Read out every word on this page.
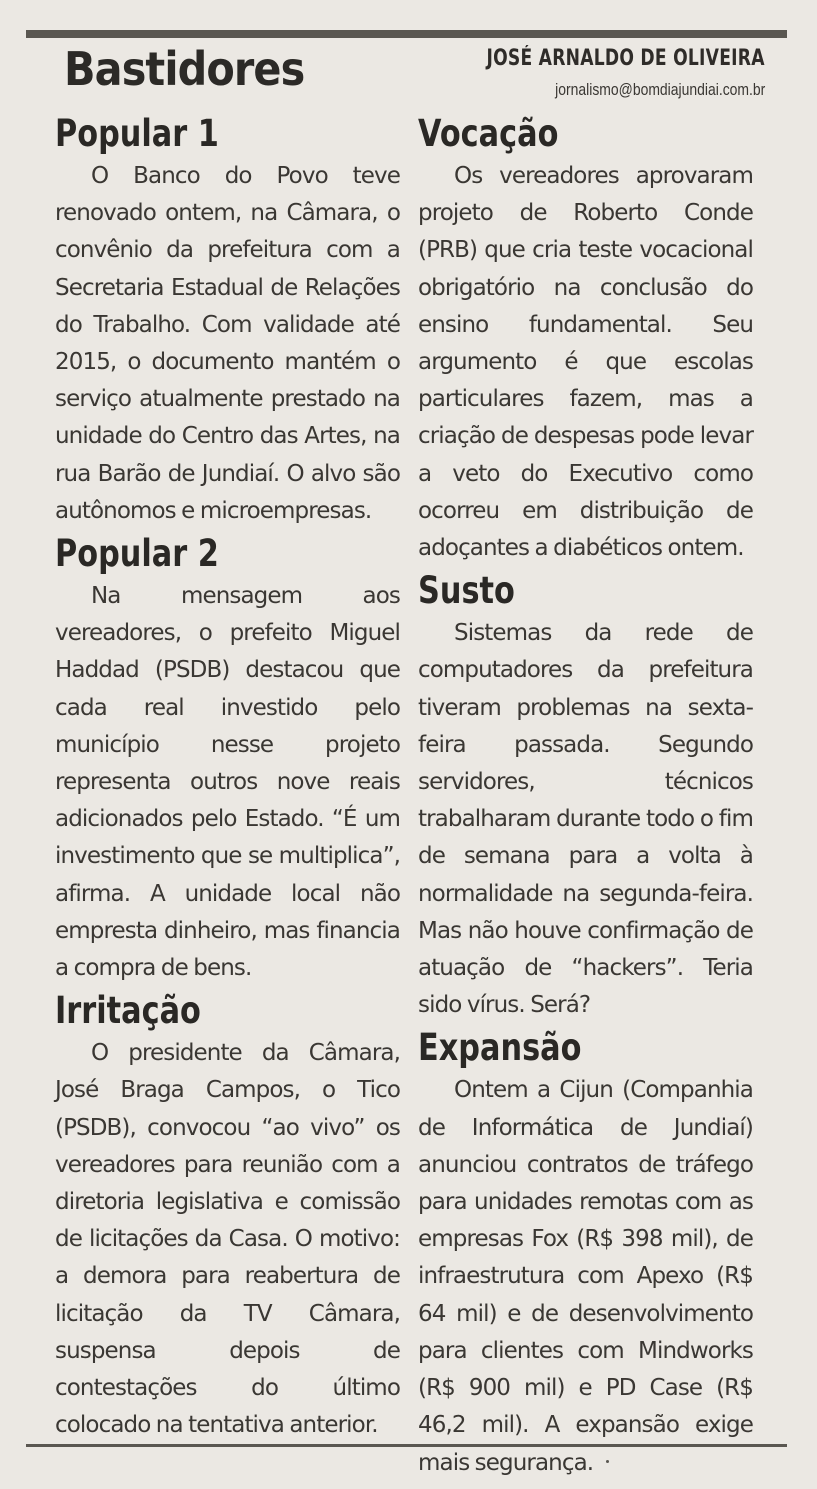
Bastidores	JOSÉ ARNALDO DE OLIVEIRA
jornalismo@bomdiajundiai.com.br
Popular 1

O Banco do Povo teve renovado ontem, na Câmara, o convênio da prefeitura com a Secretaria Estadual de Relações do Trabalho. Com validade até 2015, o documento mantém o serviço atualmente prestado na unidade do Centro das Artes, na rua Barão de Jundiaí. O alvo são autônomos e microempresas.

Popular 2

Na mensagem aos vereadores, o prefeito Miguel Haddad (PSDB) destacou que cada real investido pelo município nesse projeto representa outros nove reais adicionados pelo Estado. “É um investimento que se multiplica”, afirma. A unidade local não empresta dinheiro, mas financia a compra de bens.

Irritação

O presidente da Câmara, José Braga Campos, o Tico (PSDB), convocou “ao vivo” os vereadores para reunião com a diretoria legislativa e comissão de licitações da Casa. O motivo: a demora para reabertura de licitação da TV Câmara, suspensa depois de contestações do último colocado na tentativa anterior.

Vocação

Os vereadores aprovaram projeto de Roberto Conde (PRB) que cria teste vocacional obrigatório na conclusão do ensino fundamental. Seu argumento é que escolas particulares fazem, mas a criação de despesas pode levar a veto do Executivo como ocorreu em distribuição de adoçantes a diabéticos ontem.

Susto

Sistemas da rede de computadores da prefeitura tiveram problemas na sexta-feira passada. Segundo servidores, técnicos trabalharam durante todo o fim de semana para a volta à normalidade na segunda-feira. Mas não houve confirmação de atuação de “hackers”. Teria sido vírus. Será?

Expansão

Ontem a Cijun (Companhia de Informática de Jundiaí) anunciou contratos de tráfego para unidades remotas com as empresas Fox (R$ 398 mil), de infraestrutura com Apexo (R$ 64 mil) e de desenvolvimento para clientes com Mindworks (R$ 900 mil) e PD Case (R$ 46,2 mil). A expansão exige mais segurança.
